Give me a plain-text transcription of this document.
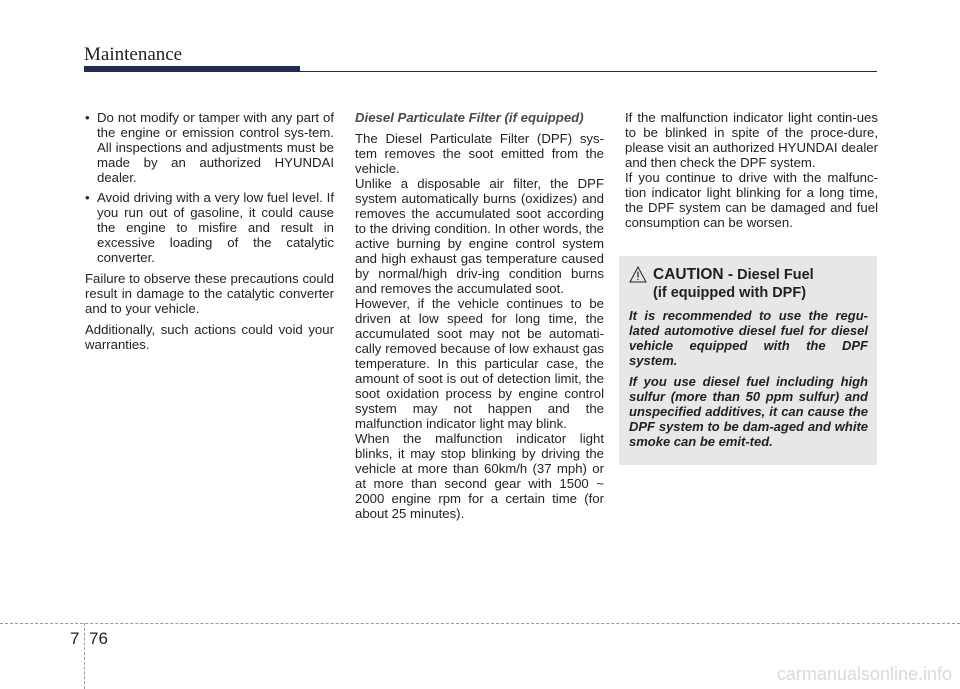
Maintenance
• Do not modify or tamper with any part of the engine or emission control sys-tem. All inspections and adjustments must be made by an authorized HYUNDAI dealer.
• Avoid driving with a very low fuel level. If you run out of gasoline, it could cause the engine to misfire and result in excessive loading of the catalytic converter.

Failure to observe these precautions could result in damage to the catalytic converter and to your vehicle.

Additionally, such actions could void your warranties.

Diesel Particulate Filter (if equipped)

The Diesel Particulate Filter (DPF) sys-tem removes the soot emitted from the vehicle.

Unlike a disposable air filter, the DPF system automatically burns (oxidizes) and removes the accumulated soot according to the driving condition. In other words, the active burning by engine control system and high exhaust gas temperature caused by normal/high driv-ing condition burns and removes the accumulated soot.

However, if the vehicle continues to be driven at low speed for long time, the accumulated soot may not be automati-cally removed because of low exhaust gas temperature. In this particular case, the amount of soot is out of detection limit, the soot oxidation process by engine control system may not happen and the malfunction indicator light may blink.

When the malfunction indicator light blinks, it may stop blinking by driving the vehicle at more than 60km/h (37 mph) or at more than second gear with 1500 ~ 2000 engine rpm for a certain time (for about 25 minutes).

If the malfunction indicator light contin-ues to be blinked in spite of the proce-dure, please visit an authorized HYUNDAI dealer and then check the DPF system.

If you continue to drive with the malfunc-tion indicator light blinking for a long time, the DPF system can be damaged and fuel consumption can be worsen.

CAUTION - Diesel Fuel
(if equipped with DPF)

It is recommended to use the regu-lated automotive diesel fuel for diesel vehicle equipped with the DPF system.

If you use diesel fuel including high sulfur (more than 50 ppm sulfur) and unspecified additives, it can cause the DPF system to be dam-aged and white smoke can be emit-ted.

7 76
carmanualsonline.info
